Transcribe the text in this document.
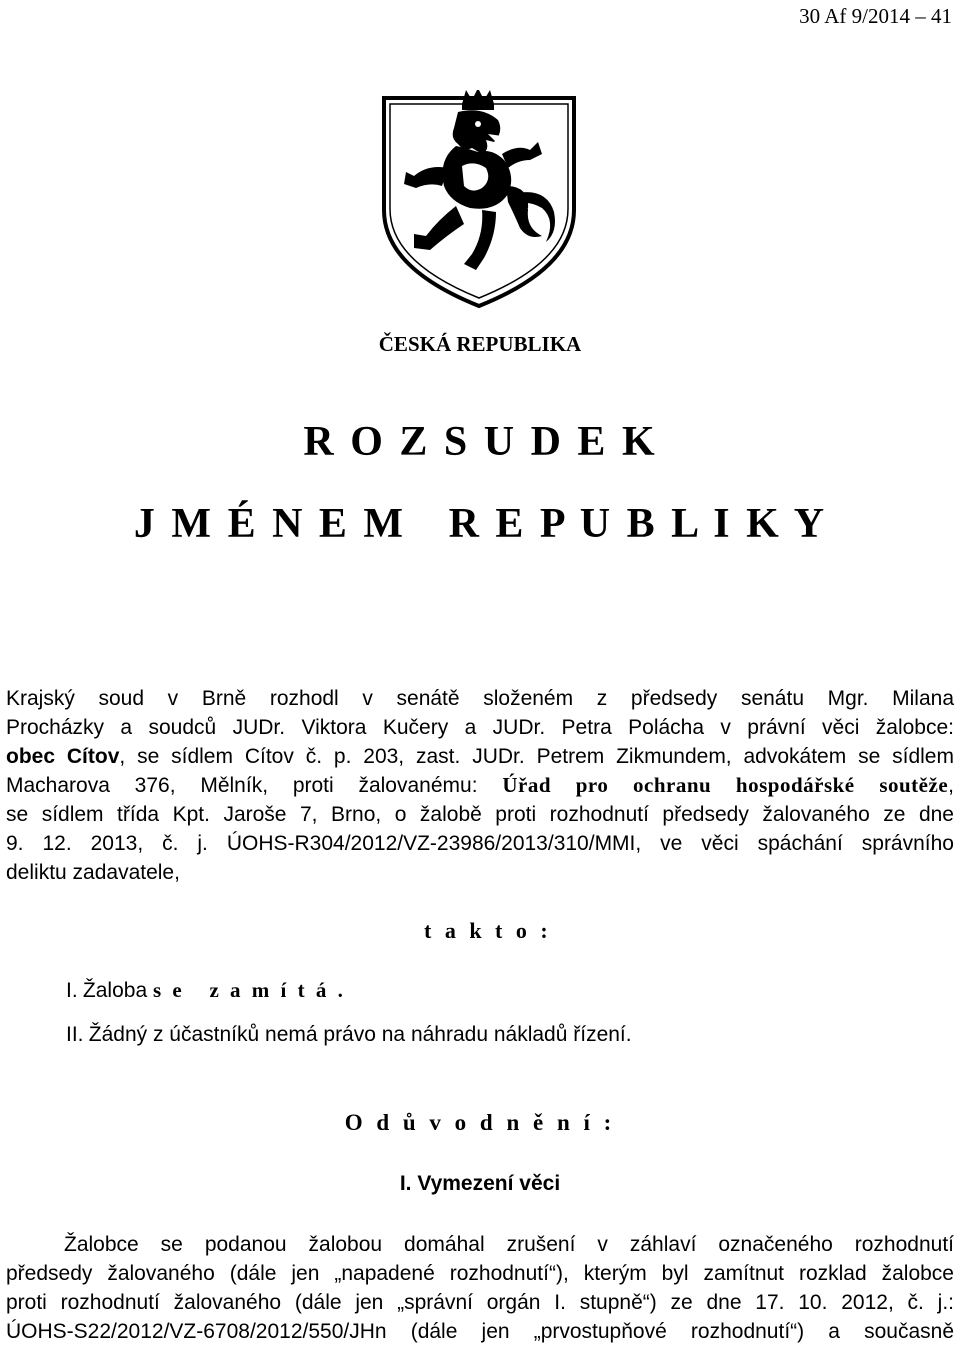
30 Af 9/2014 – 41
ČESKÁ REPUBLIKA
R O Z S U D E K
J M É N E M   R E P U B L I K Y
Krajský soud v Brně rozhodl v senátě složeném z předsedy senátu Mgr. Milana
Procházky a soudců JUDr. Viktora Kučery a JUDr. Petra Polácha v právní věci žalobce:
obec Cítov, se sídlem Cítov č. p. 203, zast. JUDr. Petrem Zikmundem, advokátem se sídlem
Macharova 376, Mělník, proti žalovanému: Úřad pro ochranu hospodářské soutěže,
se sídlem třída Kpt. Jaroše 7, Brno, o žalobě proti rozhodnutí předsedy žalovaného ze dne
9. 12. 2013, č. j. ÚOHS-R304/2012/VZ-23986/2013/310/MMI, ve věci spáchání správního
deliktu zadavatele,
t a k t o :
I. Žaloba s e   z a m í t á .
II. Žádný z účastníků nemá právo na náhradu nákladů řízení.
O d ů v o d n ě n í :
I. Vymezení věci
Žalobce se podanou žalobou domáhal zrušení v záhlaví označeného rozhodnutí
předsedy žalovaného (dále jen „napadené rozhodnutí“), kterým byl zamítnut rozklad žalobce
proti rozhodnutí žalovaného (dále jen „správní orgán I. stupně“) ze dne 17. 10. 2012, č. j.:
ÚOHS-S22/2012/VZ-6708/2012/550/JHn (dále jen „prvostupňové rozhodnutí“) a současně
